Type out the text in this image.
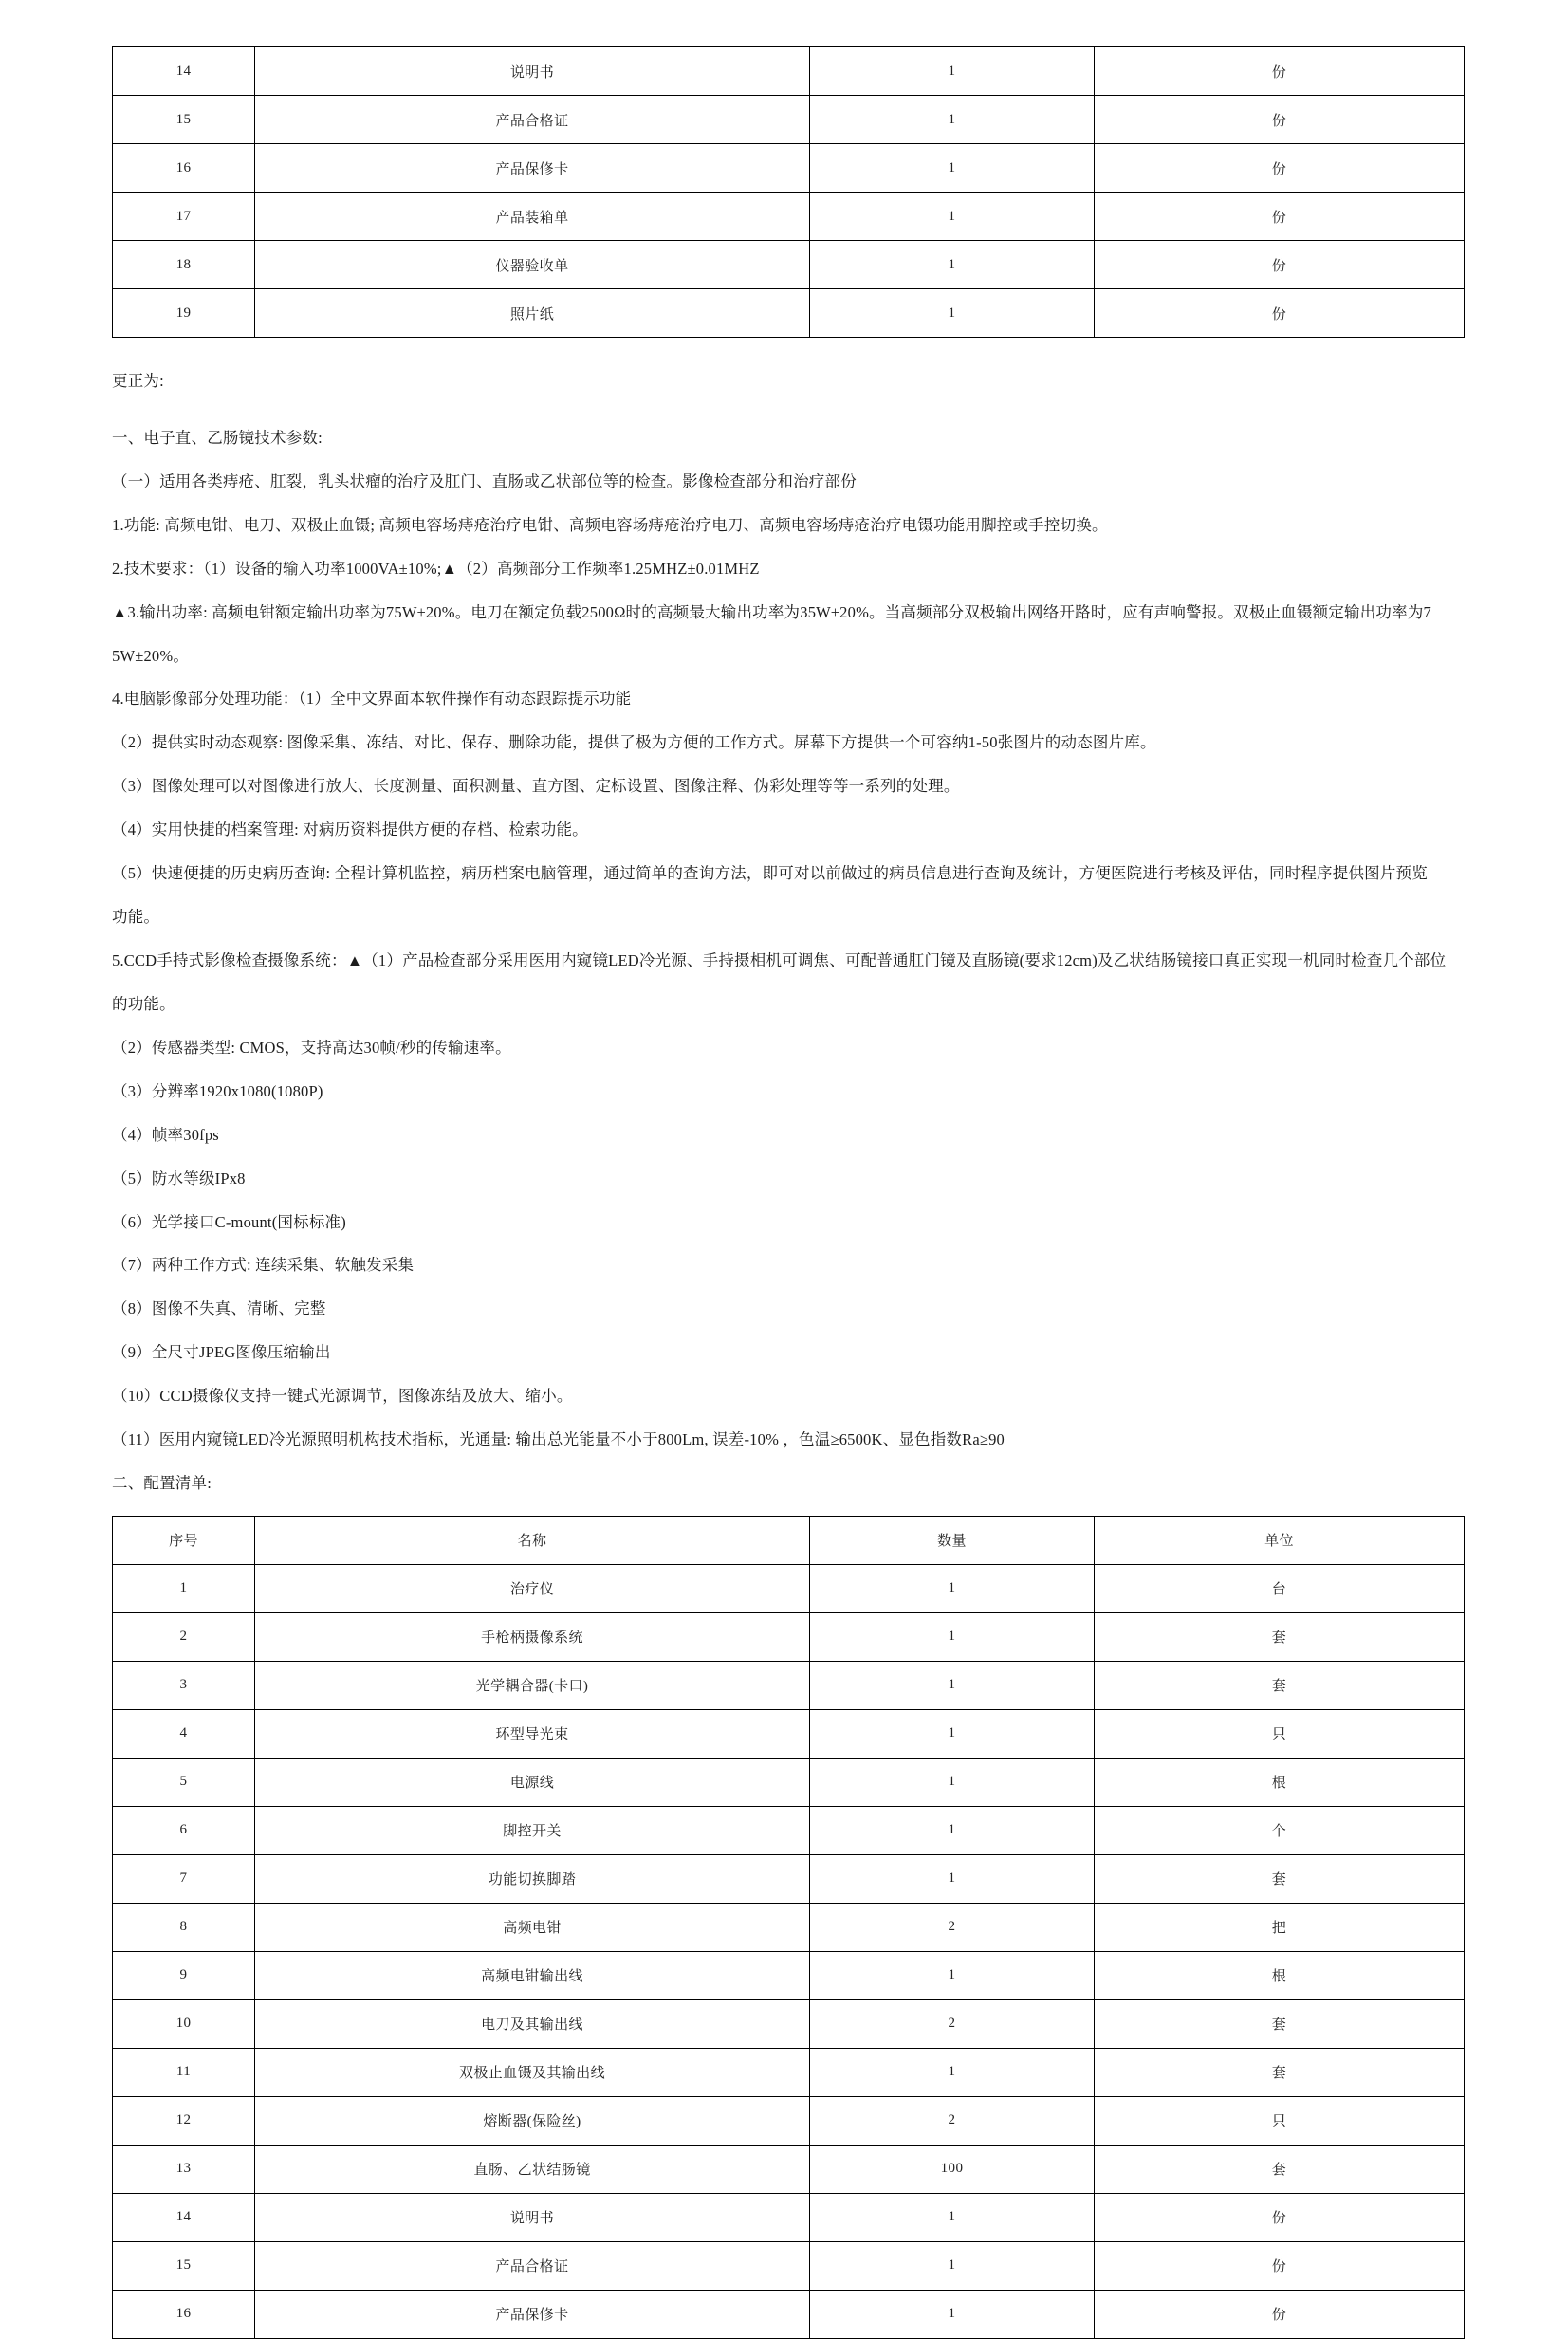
14	说明书	1	份
15	产品合格证	1	份
16	产品保修卡	1	份
17	产品装箱单	1	份
18	仪器验收单	1	份
19	照片纸	1	份

更正为:

一、电子直、乙肠镜技术参数:

（一）适用各类痔疮、肛裂，乳头状瘤的治疗及肛门、直肠或乙状部位等的检查。影像检查部分和治疗部份

1.功能: 高频电钳、电刀、双极止血镊; 高频电容场痔疮治疗电钳、高频电容场痔疮治疗电刀、高频电容场痔疮治疗电镊功能用脚控或手控切换。

2.技术要求：（1）设备的输入功率1000VA±10%;▲（2）高频部分工作频率1.25MHZ±0.01MHZ

▲3.输出功率: 高频电钳额定输出功率为75W±20%。电刀在额定负载2500Ω时的高频最大输出功率为35W±20%。当高频部分双极输出网络开路时，应有声响警报。双极止血镊额定输出功率为7

5W±20%。

4.电脑影像部分处理功能：（1）全中文界面本软件操作有动态跟踪提示功能

（2）提供实时动态观察: 图像采集、冻结、对比、保存、删除功能，提供了极为方便的工作方式。屏幕下方提供一个可容纳1-50张图片的动态图片库。

（3）图像处理可以对图像进行放大、长度测量、面积测量、直方图、定标设置、图像注释、伪彩处理等等一系列的处理。

（4）实用快捷的档案管理: 对病历资料提供方便的存档、检索功能。

（5）快速便捷的历史病历查询: 全程计算机监控，病历档案电脑管理，通过简单的查询方法，即可对以前做过的病员信息进行查询及统计，方便医院进行考核及评估，同时程序提供图片预览

功能。

5.CCD手持式影像检查摄像系统：▲（1）产品检查部分采用医用内窥镜LED冷光源、手持摄相机可调焦、可配普通肛门镜及直肠镜(要求12cm)及乙状结肠镜接口真正实现一机同时检查几个部位

的功能。

（2）传感器类型: CMOS，支持高达30帧/秒的传输速率。

（3）分辨率1920x1080(1080P)

（4）帧率30fps

（5）防水等级IPx8

（6）光学接口C-mount(国标标准)

（7）两种工作方式: 连续采集、软触发采集

（8）图像不失真、清晰、完整

（9）全尺寸JPEG图像压缩输出

（10）CCD摄像仪支持一键式光源调节，图像冻结及放大、缩小。

（11）医用内窥镜LED冷光源照明机构技术指标，光通量: 输出总光能量不小于800Lm, 误差-10% ，色温≥6500K、显色指数Ra≥90

二、配置清单:

序号	名称	数量	单位
1	治疗仪	1	台
2	手枪柄摄像系统	1	套
3	光学耦合器(卡口)	1	套
4	环型导光束	1	只
5	电源线	1	根
6	脚控开关	1	个
7	功能切换脚踏	1	套
8	高频电钳	2	把
9	高频电钳输出线	1	根
10	电刀及其输出线	2	套
11	双极止血镊及其输出线	1	套
12	熔断器(保险丝)	2	只
13	直肠、乙状结肠镜	100	套
14	说明书	1	份
15	产品合格证	1	份
16	产品保修卡	1	份
